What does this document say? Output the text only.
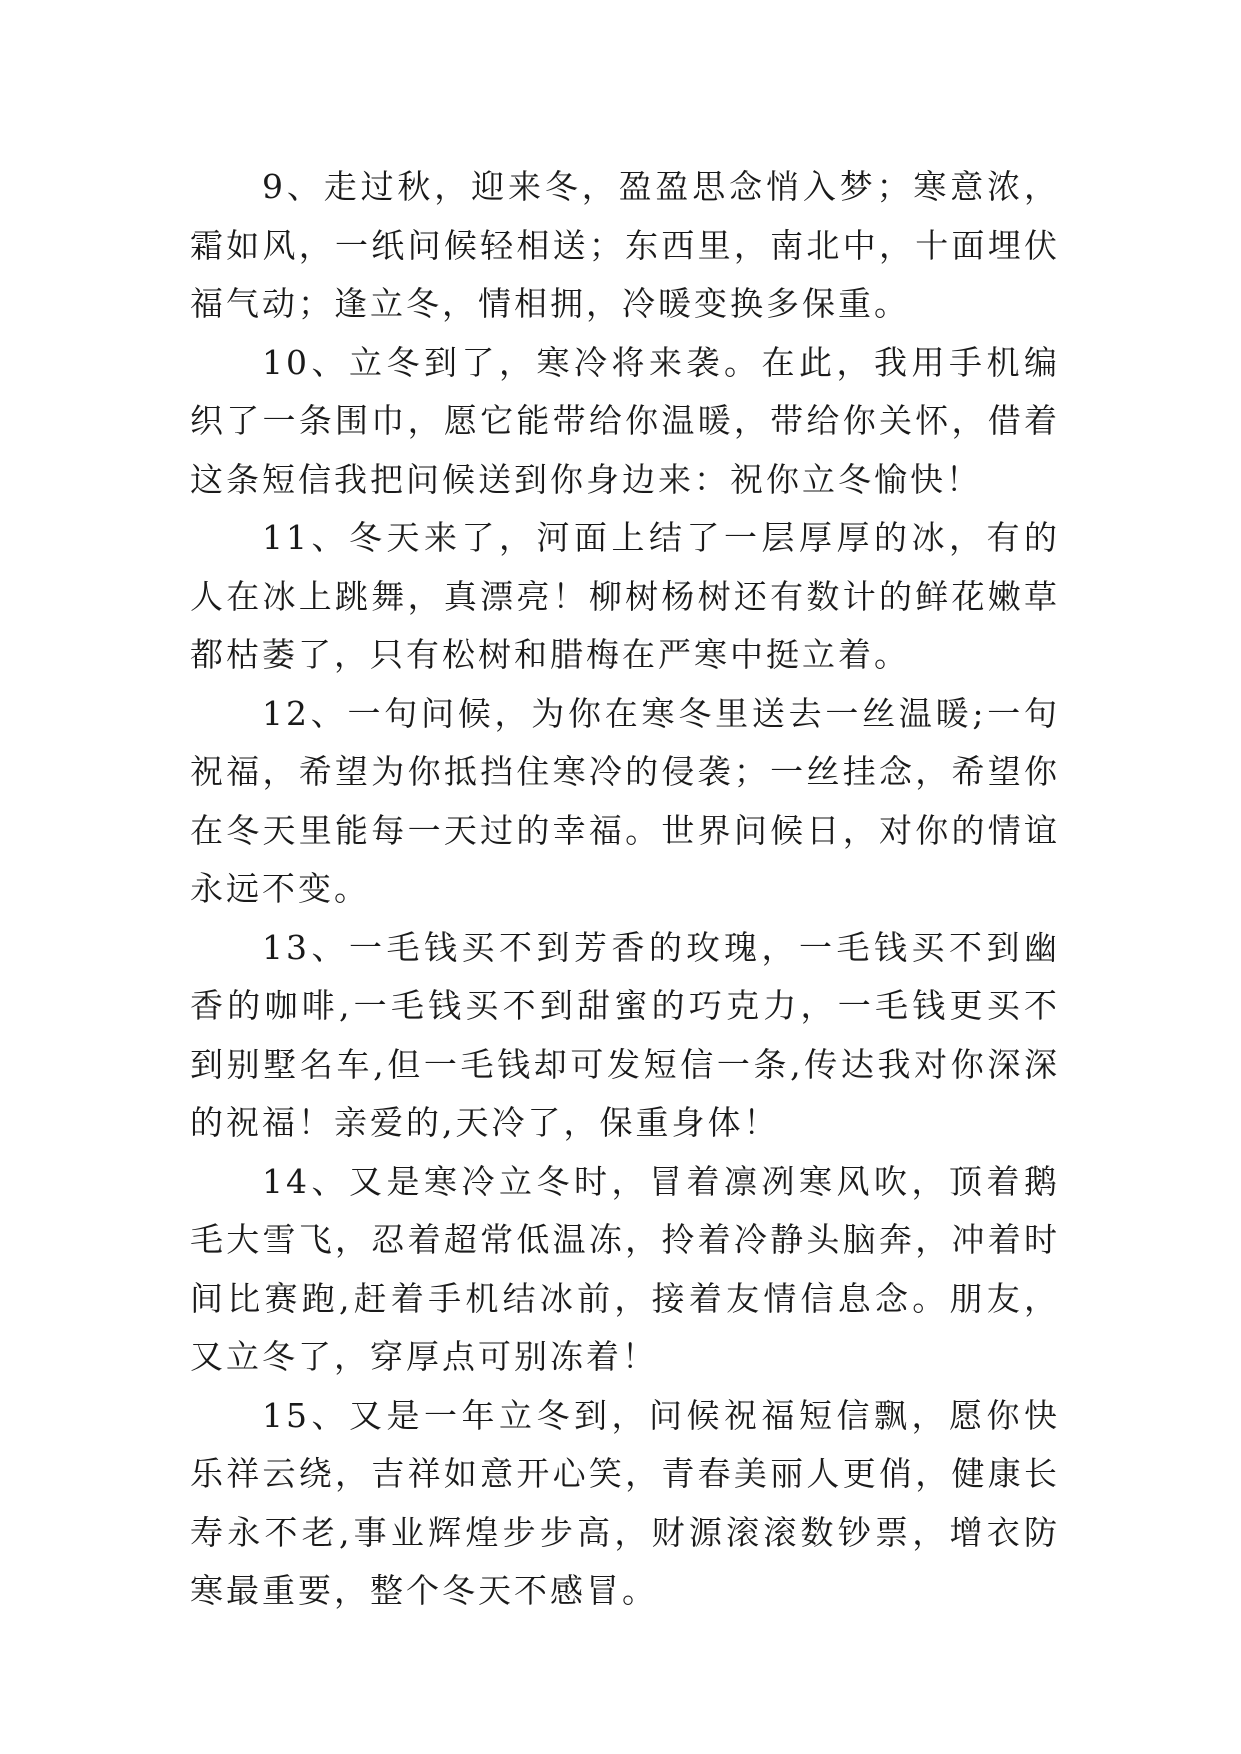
9、走过秋，迎来冬，盈盈思念悄入梦；寒意浓，霜如风，一纸问候轻相送；东西里，南北中，十面埋伏福气动；逢立冬，情相拥，冷暖变换多保重。

10、立冬到了，寒冷将来袭。在此，我用手机编织了一条围巾，愿它能带给你温暖，带给你关怀，借着这条短信我把问候送到你身边来：祝你立冬愉快！

11、冬天来了，河面上结了一层厚厚的冰，有的人在冰上跳舞，真漂亮！柳树杨树还有数计的鲜花嫩草都枯萎了，只有松树和腊梅在严寒中挺立着。

12、一句问候，为你在寒冬里送去一丝温暖;一句祝福，希望为你抵挡住寒冷的侵袭；一丝挂念，希望你在冬天里能每一天过的幸福。世界问候日，对你的情谊永远不变。

13、一毛钱买不到芳香的玫瑰，一毛钱买不到幽香的咖啡,一毛钱买不到甜蜜的巧克力，一毛钱更买不到别墅名车,但一毛钱却可发短信一条,传达我对你深深的祝福！亲爱的,天冷了，保重身体！

14、又是寒冷立冬时，冒着凛冽寒风吹，顶着鹅毛大雪飞，忍着超常低温冻，拎着冷静头脑奔，冲着时间比赛跑,赶着手机结冰前，接着友情信息念。朋友，又立冬了，穿厚点可别冻着！

15、又是一年立冬到，问候祝福短信飘，愿你快乐祥云绕，吉祥如意开心笑，青春美丽人更俏，健康长寿永不老,事业辉煌步步高，财源滚滚数钞票，增衣防寒最重要，整个冬天不感冒。
